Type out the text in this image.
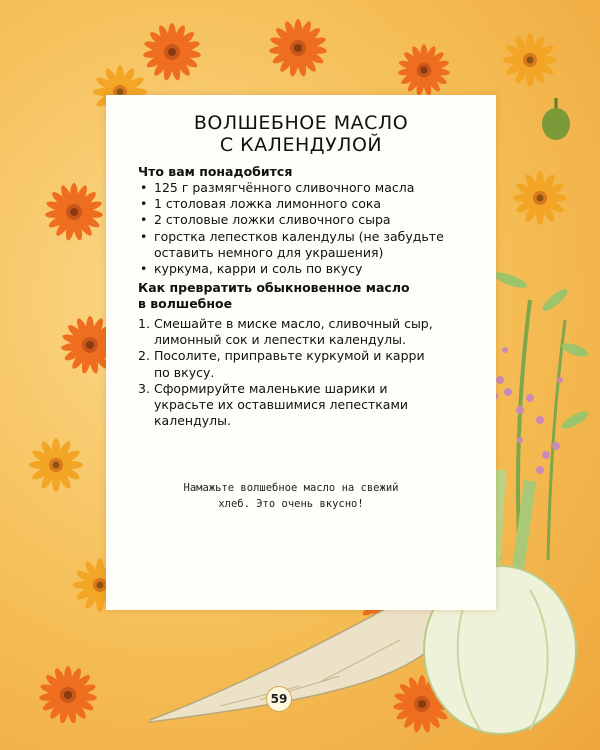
ВОЛШЕБНОЕ МАСЛО
С КАЛЕНДУЛОЙ
Что вам понадобится
• 125 г размягчённого сливочного масла
• 1 столовая ложка лимонного сока
• 2 столовые ложки сливочного сыра
• горстка лепестков календулы (не забудьте оставить немного для украшения)
• куркума, карри и соль по вкусу
Как превратить обыкновенное масло
в волшебное
1. Смешайте в миске масло, сливочный сыр, лимонный сок и лепестки календулы.
2. Посолите, приправьте куркумой и карри по вкусу.
3. Сформируйте маленькие шарики и украсьте их оставшимися лепестками календулы.
Намажьте волшебное масло на свежий
хлеб. Это очень вкусно!
59
